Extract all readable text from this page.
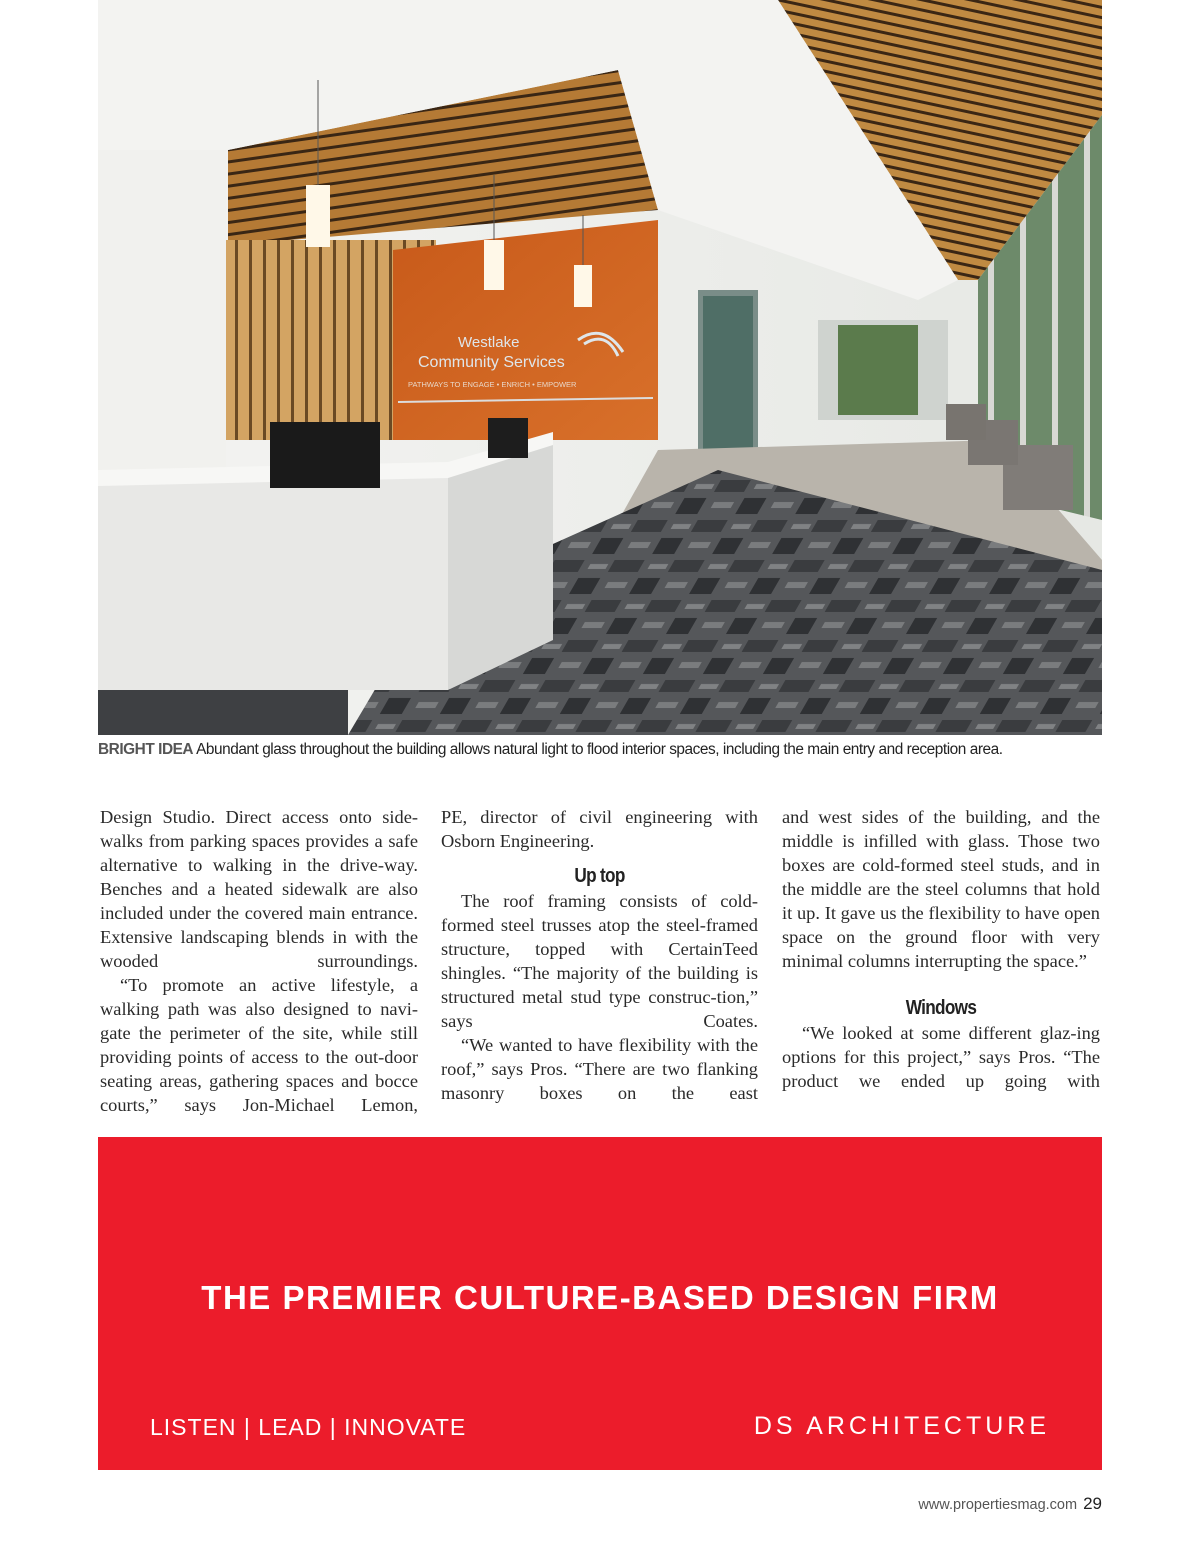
Westlake
Community Services
PATHWAYS TO ENGAGE • ENRICH • EMPOWER
BRIGHT IDEA Abundant glass throughout the building allows natural light to flood interior spaces, including the main entry and reception area.

Design Studio. Direct access onto side-walks from parking spaces provides a safe alternative to walking in the drive-way. Benches and a heated sidewalk are also included under the covered main entrance. Extensive landscaping blends in with the wooded surroundings.

“To promote an active lifestyle, a walking path was also designed to navi-gate the perimeter of the site, while still providing points of access to the out-door seating areas, gathering spaces and bocce courts,” says Jon-Michael Lemon,

PE, director of civil engineering with Osborn Engineering.

Up top

The roof framing consists of cold-formed steel trusses atop the steel-framed structure, topped with CertainTeed shingles. “The majority of the building is structured metal stud type construc-tion,” says Coates.

“We wanted to have flexibility with the roof,” says Pros. “There are two flanking masonry boxes on the east

and west sides of the building, and the middle is infilled with glass. Those two boxes are cold-formed steel studs, and in the middle are the steel columns that hold it up. It gave us the flexibility to have open space on the ground floor with very minimal columns interrupting the space.”

Windows

“We looked at some different glaz-ing options for this project,” says Pros. “The product we ended up going with

THE PREMIER CULTURE-BASED DESIGN FIRM
LISTEN | LEAD | INNOVATE	DS ARCHITECTURE
www.propertiesmag.com 29
